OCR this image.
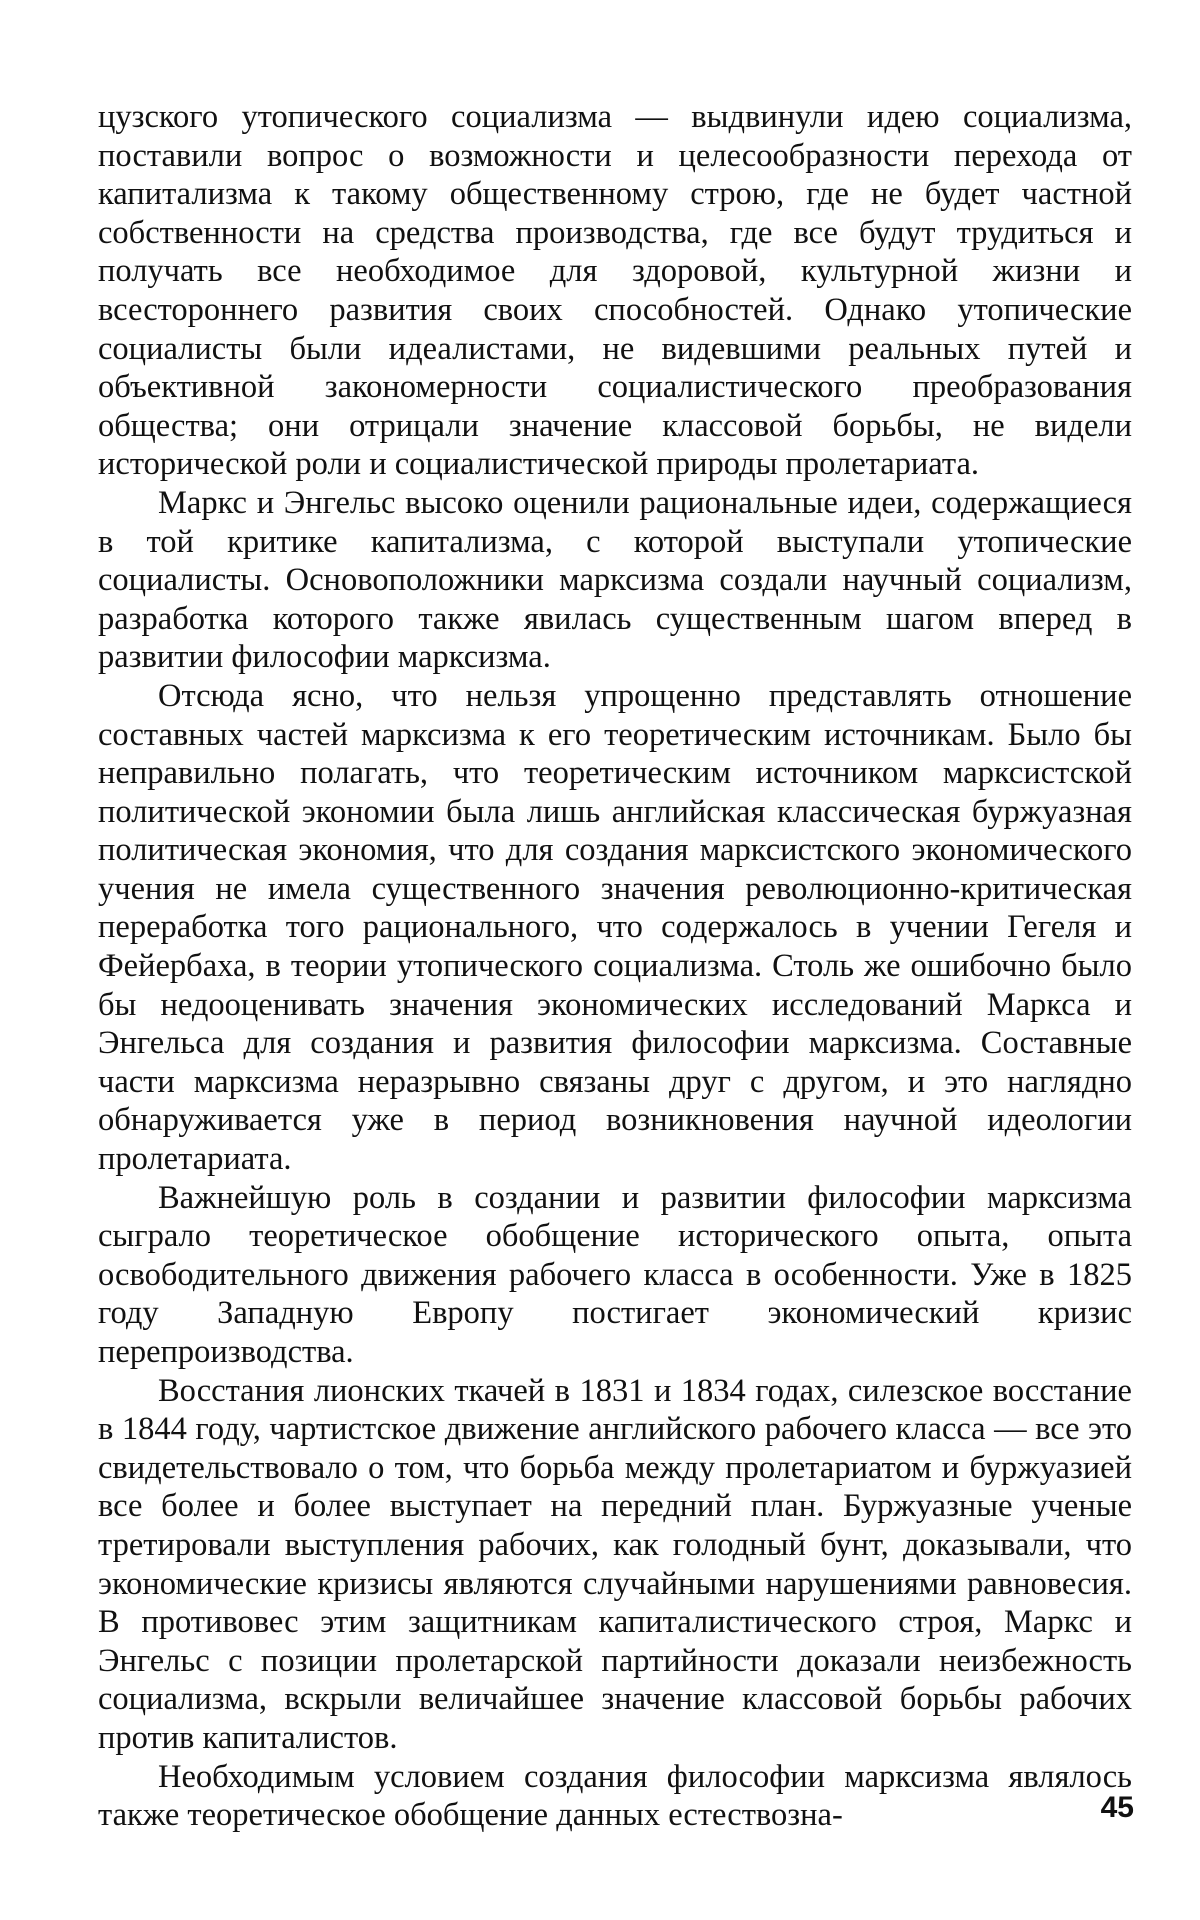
цузского утопического социализма — выдвинули идею социализма, поставили вопрос о возможности и целесообразности перехода от капитализма к такому общественному строю, где не будет частной собственности на средства производства, где все будут трудиться и получать все необходимое для здоровой, культурной жизни и всестороннего развития своих способностей. Однако утопические социалисты были идеалистами, не видевшими реальных путей и объективной закономерности социалистического преобразования общества; они отрицали значение классовой борьбы, не видели исторической роли и социалистической природы пролетариата.

Маркс и Энгельс высоко оценили рациональные идеи, содержащиеся в той критике капитализма, с которой выступали утопические социалисты. Основоположники марксизма создали научный социализм, разработка которого также явилась существенным шагом вперед в развитии философии марксизма.

Отсюда ясно, что нельзя упрощенно представлять отношение составных частей марксизма к его теоретическим источникам. Было бы неправильно полагать, что теоретическим источником марксистской политической экономии была лишь английская классическая буржуазная политическая экономия, что для создания марксистского экономического учения не имела существенного значения революционно-критическая переработка того рационального, что содержалось в учении Гегеля и Фейербаха, в теории утопического социализма. Столь же ошибочно было бы недооценивать значения экономических исследований Маркса и Энгельса для создания и развития философии марксизма. Составные части марксизма неразрывно связаны друг с другом, и это наглядно обнаруживается уже в период возникновения научной идеологии пролетариата.

Важнейшую роль в создании и развитии философии марксизма сыграло теоретическое обобщение исторического опыта, опыта освободительного движения рабочего класса в особенности. Уже в 1825 году Западную Европу постигает экономический кризис перепроизводства.

Восстания лионских ткачей в 1831 и 1834 годах, силезское восстание в 1844 году, чартистское движение английского рабочего класса — все это свидетельствовало о том, что борьба между пролетариатом и буржуазией все более и более выступает на передний план. Буржуазные ученые третировали выступления рабочих, как голодный бунт, доказывали, что экономические кризисы являются случайными нарушениями равновесия. В противовес этим защитникам капиталистического строя, Маркс и Энгельс с позиции пролетарской партийности доказали неизбежность социализма, вскрыли величайшее значение классовой борьбы рабочих против капиталистов.

Необходимым условием создания философии марксизма являлось также теоретическое обобщение данных естествозна-	45
